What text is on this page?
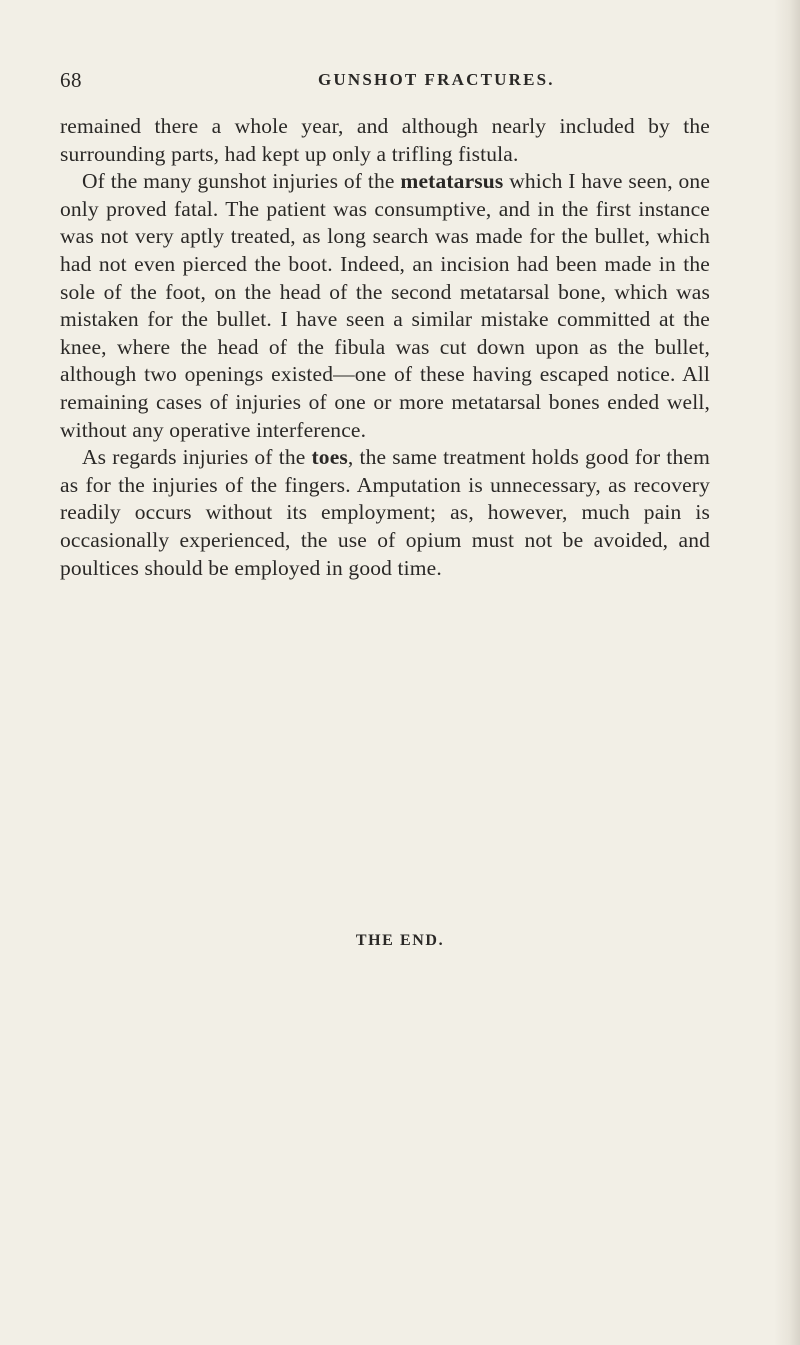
68	GUNSHOT FRACTURES.

remained there a whole year, and although nearly included by the surrounding parts, had kept up only a trifling fistula.

Of the many gunshot injuries of the metatarsus which I have seen, one only proved fatal. The patient was consumptive, and in the first instance was not very aptly treated, as long search was made for the bullet, which had not even pierced the boot. Indeed, an incision had been made in the sole of the foot, on the head of the second metatarsal bone, which was mistaken for the bullet. I have seen a similar mistake committed at the knee, where the head of the fibula was cut down upon as the bullet, although two openings existed—one of these having escaped notice. All remaining cases of injuries of one or more metatarsal bones ended well, without any operative interference.

As regards injuries of the toes, the same treatment holds good for them as for the injuries of the fingers. Amputation is unnecessary, as recovery readily occurs without its employment; as, however, much pain is occasionally experienced, the use of opium must not be avoided, and poultices should be employed in good time.

THE END.
